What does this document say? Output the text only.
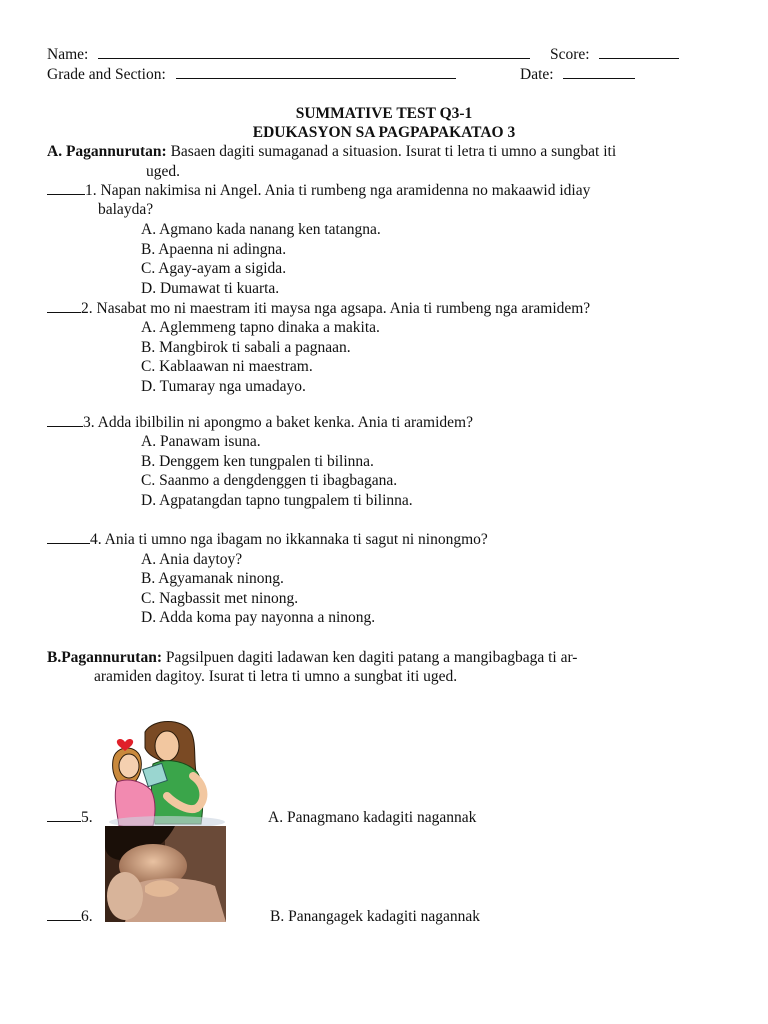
Name:	Score:
Grade and Section:	Date:
SUMMATIVE TEST Q3-1
EDUKASYON SA PAGPAPAKATAO 3
A. Pagannurutan: Basaen dagiti sumaganad a situasion. Isurat ti letra ti umno a sungbat iti
uged.
1. Napan nakimisa ni Angel. Ania ti rumbeng nga aramidenna no makaawid idiay
balayda?
A. Agmano kada nanang ken tatangna.
B. Apaenna ni adingna.
C. Agay-ayam a sigida.
D. Dumawat ti kuarta.
2. Nasabat mo ni maestram iti maysa nga agsapa. Ania ti rumbeng nga aramidem?
A. Aglemmeng tapno dinaka a makita.
B. Mangbirok ti sabali a pagnaan.
C. Kablaawan ni maestram.
D. Tumaray nga umadayo.
3. Adda ibilbilin ni apongmo a baket kenka. Ania ti aramidem?
A. Panawam isuna.
B. Denggem ken tungpalen ti bilinna.
C. Saanmo a dengdenggen ti ibagbagana.
D. Agpatangdan tapno tungpalem ti bilinna.
4. Ania ti umno nga ibagam no ikkannaka ti sagut ni ninongmo?
A. Ania daytoy?
B. Agyamanak ninong.
C. Nagbassit met ninong.
D. Adda koma pay nayonna a ninong.
B.Pagannurutan: Pagsilpuen dagiti ladawan ken dagiti patang a mangibagbaga ti ar-
aramiden dagitoy. Isurat ti letra ti umno a sungbat iti uged.
5.	A. Panagmano kadagiti nagannak
6.	B. Panangagek kadagiti nagannak
